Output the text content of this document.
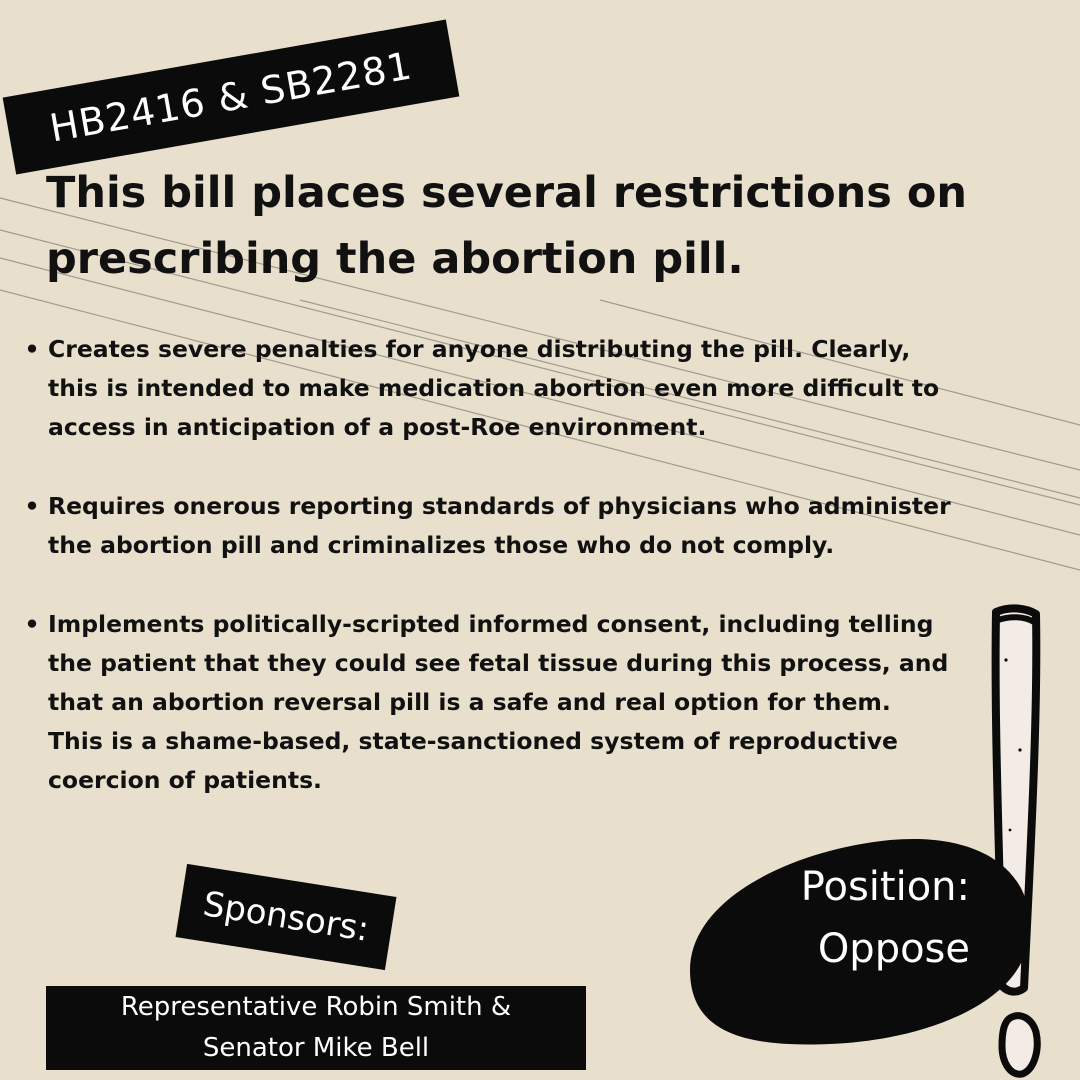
HB2416 & SB2281
This bill places several restrictions on prescribing the abortion pill.
• Creates severe penalties for anyone distributing the pill. Clearly, this is intended to make medication abortion even more difficult to access in anticipation of a post-Roe environment.
• Requires onerous reporting standards of physicians who administer the abortion pill and criminalizes those who do not comply.
• Implements politically-scripted informed consent, including telling the patient that they could see fetal tissue during this process, and that an abortion reversal pill is a safe and real option for them. This is a shame-based, state-sanctioned system of reproductive coercion of patients.
Sponsors:
Representative Robin Smith &
Senator Mike Bell
Position:
Oppose
